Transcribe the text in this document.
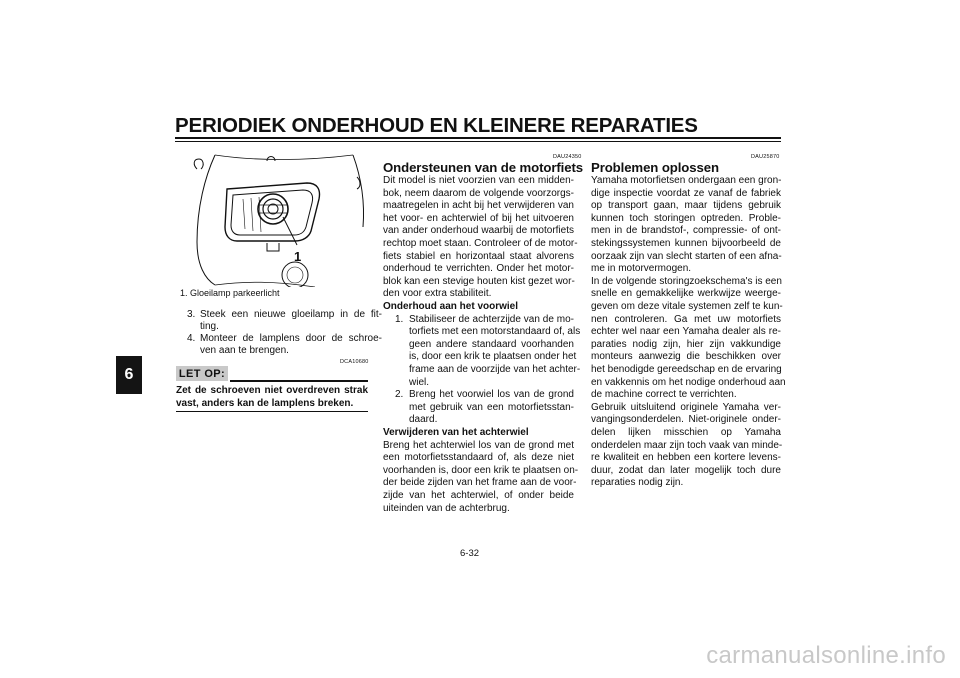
PERIODIEK ONDERHOUD EN KLEINERE REPARATIES
6
1
1. Gloeilamp parkeerlicht
3. Steek een nieuwe gloeilamp in de fit-
ting.
4. Monteer de lamplens door de schroe-
ven aan te brengen.
DCA10680
LET OP:
Zet de schroeven niet overdreven strak
vast, anders kan de lamplens breken.
DAU24350
Ondersteunen van de motorfiets
Dit model is niet voorzien van een midden-
bok, neem daarom de volgende voorzorgs-
maatregelen in acht bij het verwijderen van
het voor- en achterwiel of bij het uitvoeren
van ander onderhoud waarbij de motorfiets
rechtop moet staan. Controleer of de motor-
fiets stabiel en horizontaal staat alvorens
onderhoud te verrichten. Onder het motor-
blok kan een stevige houten kist gezet wor-
den voor extra stabiliteit.
Onderhoud aan het voorwiel
1. Stabiliseer de achterzijde van de mo-
torfiets met een motorstandaard of, als
geen andere standaard voorhanden
is, door een krik te plaatsen onder het
frame aan de voorzijde van het achter-
wiel.
2. Breng het voorwiel los van de grond
met gebruik van een motorfietsstan-
daard.
Verwijderen van het achterwiel
Breng het achterwiel los van de grond met
een motorfietsstandaard of, als deze niet
voorhanden is, door een krik te plaatsen on-
der beide zijden van het frame aan de voor-
zijde van het achterwiel, of onder beide
uiteinden van de achterbrug.
DAU25870
Problemen oplossen
Yamaha motorfietsen ondergaan een gron-
dige inspectie voordat ze vanaf de fabriek
op transport gaan, maar tijdens gebruik
kunnen toch storingen optreden. Proble-
men in de brandstof-, compressie- of ont-
stekingssystemen kunnen bijvoorbeeld de
oorzaak zijn van slecht starten of een afna-
me in motorvermogen.
In de volgende storingzoekschema's is een
snelle en gemakkelijke werkwijze weerge-
geven om deze vitale systemen zelf te kun-
nen controleren. Ga met uw motorfiets
echter wel naar een Yamaha dealer als re-
paraties nodig zijn, hier zijn vakkundige
monteurs aanwezig die beschikken over
het benodigde gereedschap en de ervaring
en vakkennis om het nodige onderhoud aan
de machine correct te verrichten.
Gebruik uitsluitend originele Yamaha ver-
vangingsonderdelen. Niet-originele onder-
delen lijken misschien op Yamaha
onderdelen maar zijn toch vaak van minde-
re kwaliteit en hebben een kortere levens-
duur, zodat dan later mogelijk toch dure
reparaties nodig zijn.
6-32
carmanualsonline.info
